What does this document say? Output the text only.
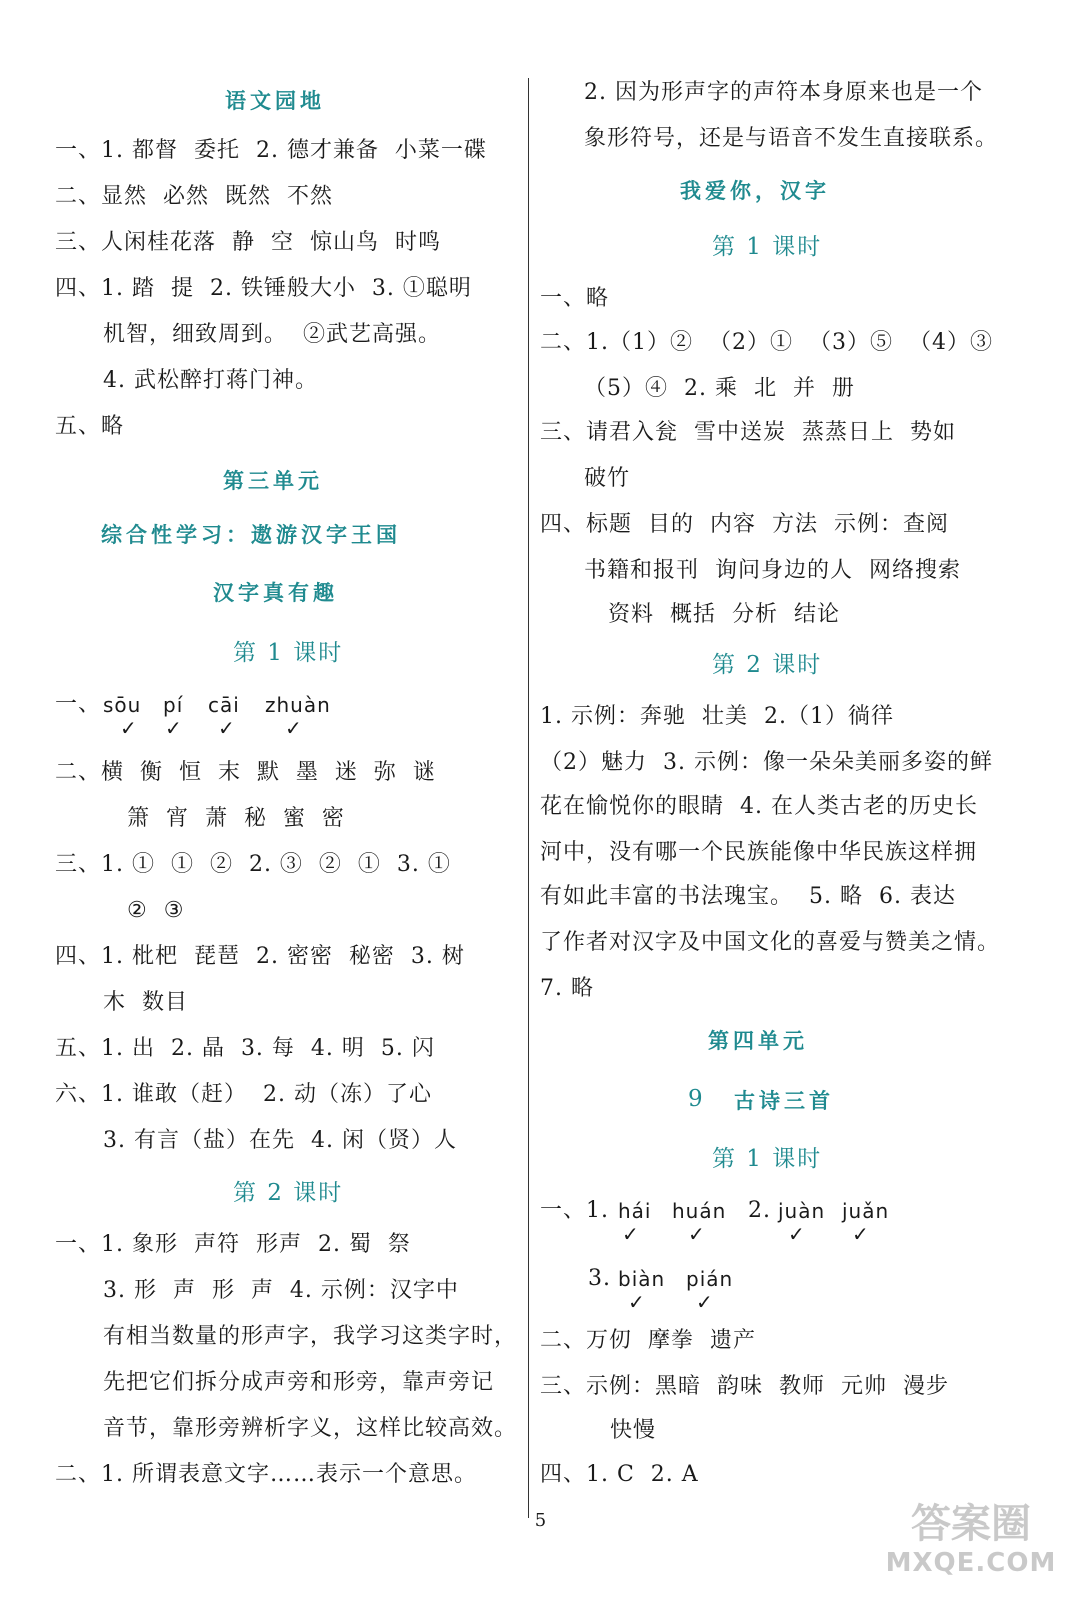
语文园地
一、1. 都督  委托  2. 德才兼备  小菜一碟
二、显然  必然  既然  不然
三、人闲桂花落  静  空  惊山鸟  时鸣
四、1. 踏  提  2. 铁锤般大小  3. ①聪明
机智，细致周到。  ②武艺高强。
4. 武松醉打蒋门神。
五、略
第三单元
综合性学习：遨游汉字王国
汉字真有趣
第 1 课时
一、 sōu pí cāi zhuàn
✓ ✓ ✓	✓
二、横  衡  恒  末  默  墨  迷  弥  谜
箫  宵  萧  秘  蜜  密
三、1. ①  ①  ②  2. ③  ②  ①  3. ①
②  ③
四、1. 枇杷  琵琶  2. 密密  秘密  3. 树
木  数目
五、1. 出  2. 晶  3. 每  4. 明  5. 闪
六、1. 谁敢（赶）  2. 动（冻）了心
3. 有言（盐）在先  4. 闲（贤）人
第 2 课时
一、1. 象形  声符  形声  2. 蜀  祭
3. 形  声  形  声  4. 示例：汉字中
有相当数量的形声字，我学习这类字时，
先把它们拆分成声旁和形旁，靠声旁记
音节，靠形旁辨析字义，这样比较高效。
二、1. 所谓表意文字……表示一个意思。
2. 因为形声字的声符本身原来也是一个
象形符号，还是与语音不发生直接联系。
我爱你，汉字
第 1 课时
一、略
二、1.（1）②  （2）①  （3）⑤  （4）③
（5）④  2. 乘  北  并  册
三、请君入瓮  雪中送炭  蒸蒸日上  势如
破竹
四、标题  目的  内容  方法  示例：查阅
书籍和报刊  询问身边的人  网络搜索
资料  概括  分析  结论
第 2 课时
1. 示例：奔驰  壮美  2.（1）徜徉
（2）魅力  3. 示例：像一朵朵美丽多姿的鲜
花在愉悦你的眼睛  4. 在人类古老的历史长
河中，没有哪一个民族能像中华民族这样拥
有如此丰富的书法瑰宝。  5. 略  6. 表达
了作者对汉字及中国文化的喜爱与赞美之情。
7. 略
第四单元
9 古诗三首
第 1 课时
一、1. hái huán 2. juàn juǎn
✓ ✓	✓ ✓
3. biàn pián
✓	✓
二、万仞  摩拳  遗产
三、示例：黑暗  韵味  教师  元帅  漫步
快慢
四、1. C  2. A
5	答案圈
MXQE.COM
